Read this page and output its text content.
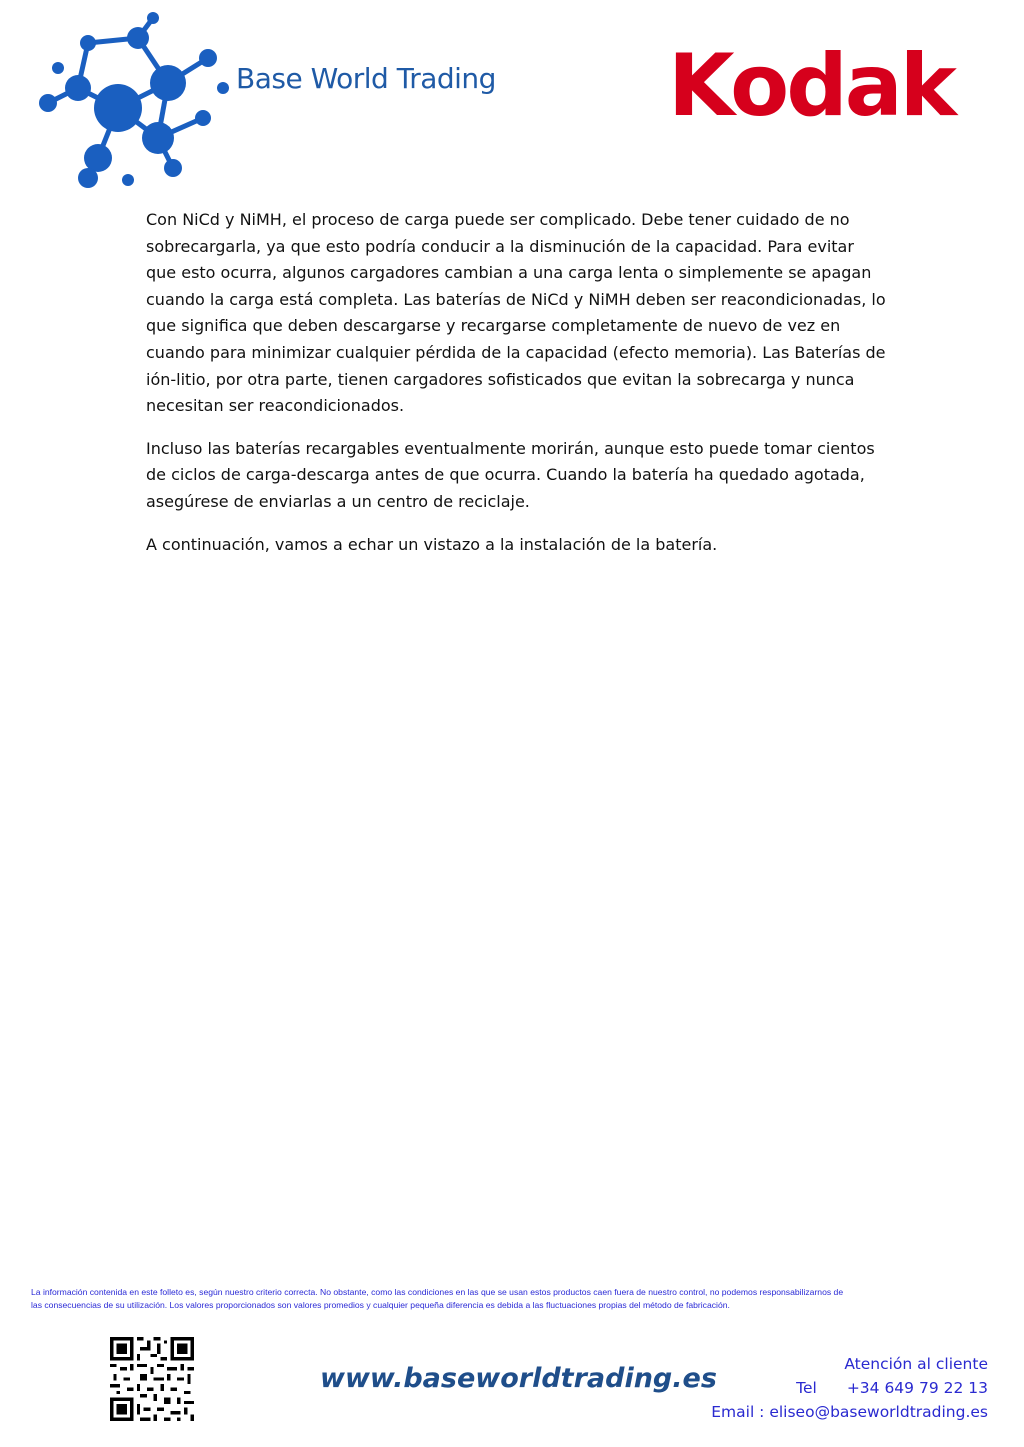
Base World Trading Kodak

Con NiCd y NiMH, el proceso de carga puede ser complicado. Debe tener cuidado de no sobrecargarla, ya que esto podría conducir a la disminución de la capacidad. Para evitar que esto ocurra, algunos cargadores cambian a una carga lenta o simplemente se apagan cuando la carga está completa. Las baterías de NiCd y NiMH deben ser reacondicionadas, lo que significa que deben descargarse y recargarse completamente de nuevo de vez en cuando para minimizar cualquier pérdida de la capacidad (efecto memoria). Las Baterías de ión-litio, por otra parte, tienen cargadores sofisticados que evitan la sobrecarga y nunca necesitan ser reacondicionados.

Incluso las baterías recargables eventualmente morirán, aunque esto puede tomar cientos de ciclos de carga-descarga antes de que ocurra. Cuando la batería ha quedado agotada, asegúrese de enviarlas a un centro de reciclaje.

A continuación, vamos a echar un vistazo a la instalación de la batería.

La información contenida en este folleto es, según nuestro criterio correcta. No obstante, como las condiciones en las que se usan estos productos caen fuera de nuestro control, no podemos responsabilizarnos de
las consecuencias de su utilización. Los valores proporcionados son valores promedios y cualquier pequeña diferencia es debida a las fluctuaciones propias del método de fabricación.
www.baseworldtrading.es	Atención al cliente
Tel +34 649 79 22 13
Email : eliseo@baseworldtrading.es
